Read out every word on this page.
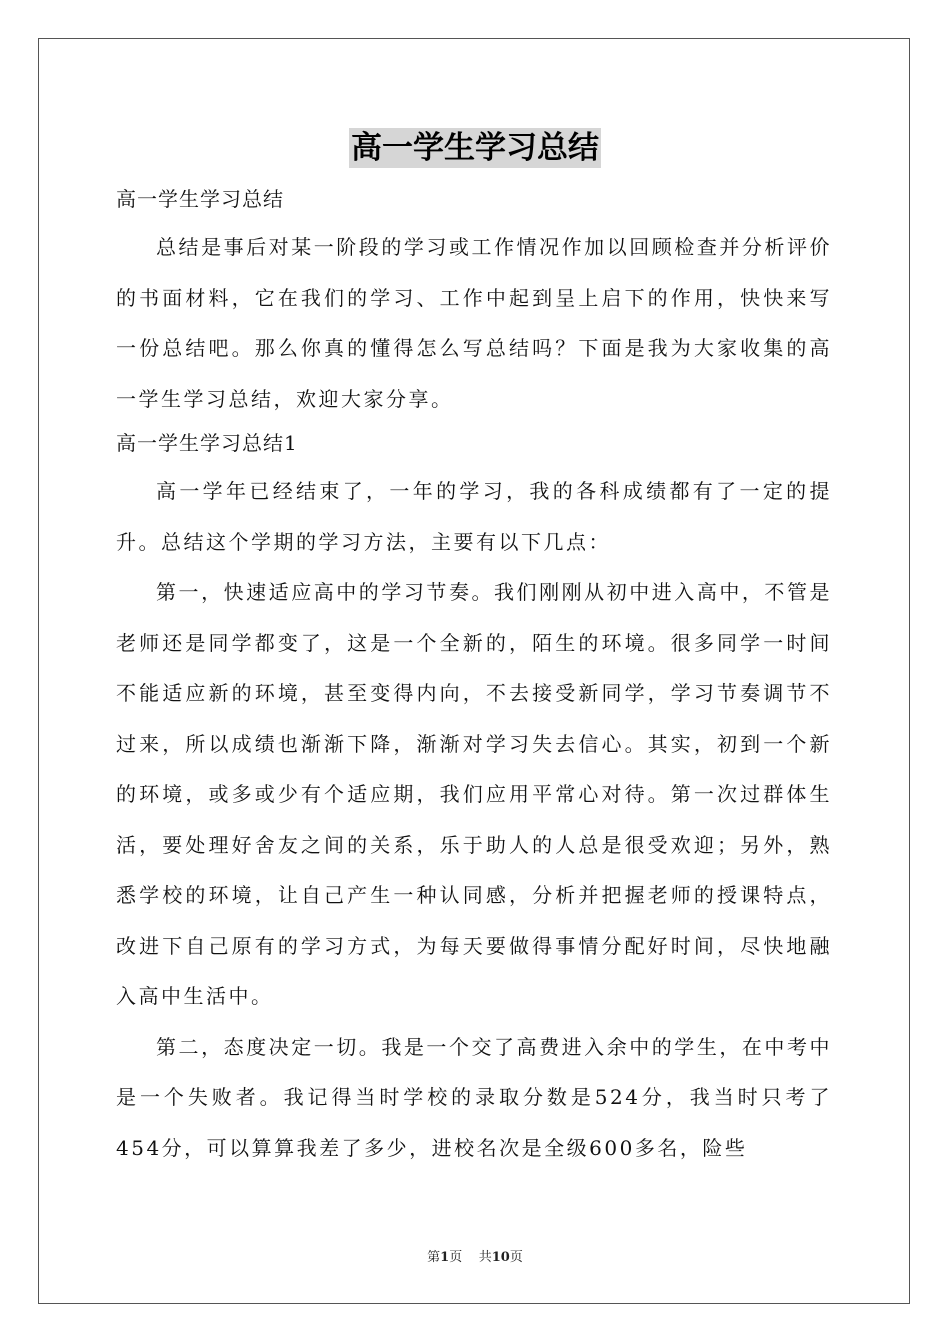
高一学生学习总结

高一学生学习总结

总结是事后对某一阶段的学习或工作情况作加以回顾检查并分析评价的书面材料，它在我们的学习、工作中起到呈上启下的作用，快快来写一份总结吧。那么你真的懂得怎么写总结吗？下面是我为大家收集的高一学生学习总结，欢迎大家分享。

高一学生学习总结1

高一学年已经结束了，一年的学习，我的各科成绩都有了一定的提升。总结这个学期的学习方法，主要有以下几点：

第一，快速适应高中的学习节奏。我们刚刚从初中进入高中，不管是老师还是同学都变了，这是一个全新的，陌生的环境。很多同学一时间不能适应新的环境，甚至变得内向，不去接受新同学，学习节奏调节不过来，所以成绩也渐渐下降，渐渐对学习失去信心。其实，初到一个新的环境，或多或少有个适应期，我们应用平常心对待。第一次过群体生活，要处理好舍友之间的关系，乐于助人的人总是很受欢迎；另外，熟悉学校的环境，让自己产生一种认同感，分析并把握老师的授课特点，改进下自己原有的学习方式，为每天要做得事情分配好时间，尽快地融入高中生活中。

第二，态度决定一切。我是一个交了高费进入余中的学生，在中考中是一个失败者。我记得当时学校的录取分数是524分，我当时只考了454分，可以算算我差了多少，进校名次是全级600多名，险些

第1页 共10页
